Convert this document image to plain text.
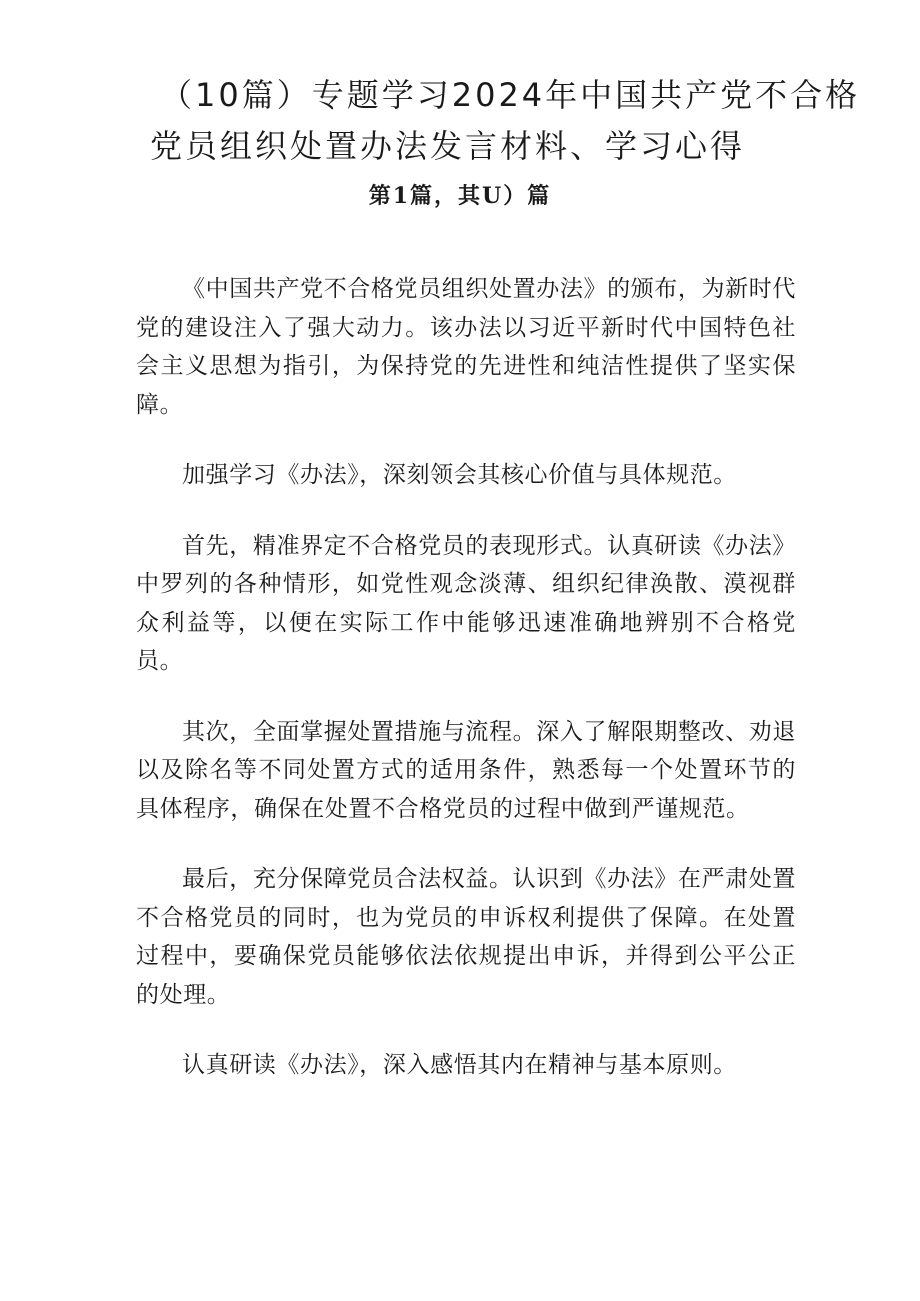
（10篇）专题学习2024年中国共产党不合格
党员组织处置办法发言材料、学习心得
第1篇，其U）篇

《中国共产党不合格党员组织处置办法》的颁布，为新时代党的建设注入了强大动力。该办法以习近平新时代中国特色社会主义思想为指引，为保持党的先进性和纯洁性提供了坚实保障。

加强学习《办法》，深刻领会其核心价值与具体规范。

首先，精准界定不合格党员的表现形式。认真研读《办法》中罗列的各种情形，如党性观念淡薄、组织纪律涣散、漠视群众利益等，以便在实际工作中能够迅速准确地辨别不合格党员。

其次，全面掌握处置措施与流程。深入了解限期整改、劝退以及除名等不同处置方式的适用条件，熟悉每一个处置环节的具体程序，确保在处置不合格党员的过程中做到严谨规范。

最后，充分保障党员合法权益。认识到《办法》在严肃处置不合格党员的同时，也为党员的申诉权利提供了保障。在处置过程中，要确保党员能够依法依规提出申诉，并得到公平公正的处理。

认真研读《办法》，深入感悟其内在精神与基本原则。
